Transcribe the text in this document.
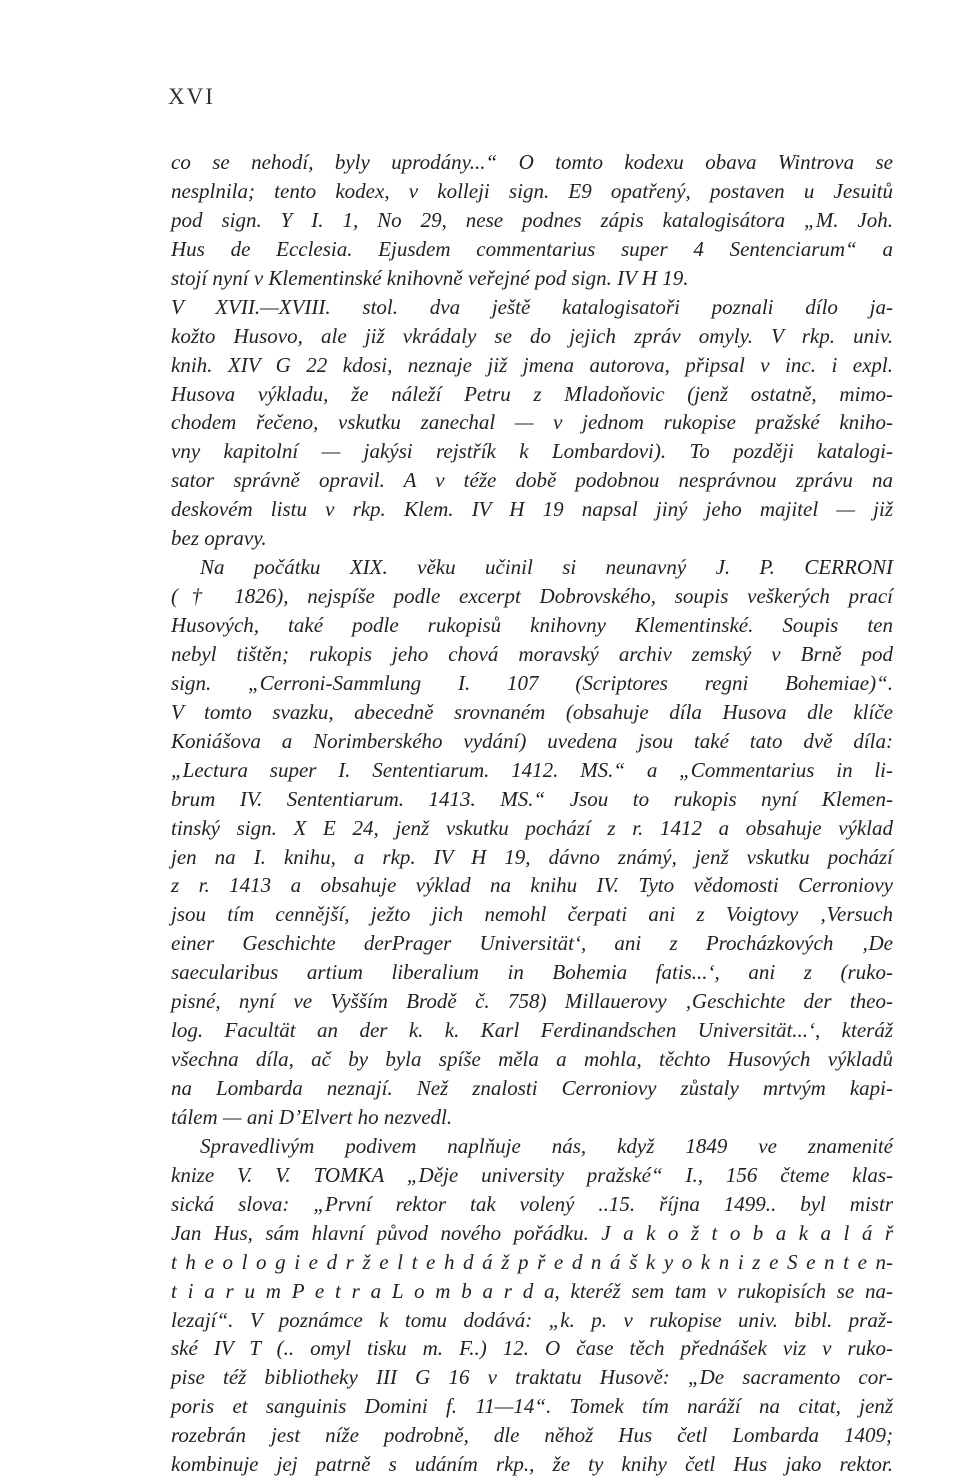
XVI
co se nehodí, byly uprodány...“ O tomto kodexu obava Wintrova se
nesplnila; tento kodex, v kolleji sign. E9 opatřený, postaven u Jesuitů
pod sign. Y I. 1, No 29, nese podnes zápis katalogisátora „M. Joh.
Hus de Ecclesia. Ejusdem commentarius super 4 Sentenciarum“ a
stojí nyní v Klementinské knihovně veřejné pod sign. IV H 19.
V XVII.—XVIII. stol. dva ještě katalogisatoři poznali dílo ja-
kožto Husovo, ale již vkrádaly se do jejich zpráv omyly. V rkp. univ.
knih. XIV G 22 kdosi, neznaje již jmena autorova, připsal v inc. i expl.
Husova výkladu, že náleží Petru z Mladoňovic (jenž ostatně, mimo-
chodem řečeno, vskutku zanechal — v jednom rukopise pražské kniho-
vny kapitolní — jakýsi rejstřík k Lombardovi). To později katalogi-
sator správně opravil. A v téže době podobnou nesprávnou zprávu na
deskovém listu v rkp. Klem. IV H 19 napsal jiný jeho majitel — již
bez opravy.
Na počátku XIX. věku učinil si neunavný J. P. CERRONI
(† 1826), nejspíše podle excerpt Dobrovského, soupis veškerých prací
Husových, také podle rukopisů knihovny Klementinské. Soupis ten
nebyl tištěn; rukopis jeho chová moravský archiv zemský v Brně pod
sign. „Cerroni-Sammlung I. 107 (Scriptores regni Bohemiae)“.
V tomto svazku, abecedně srovnaném (obsahuje díla Husova dle klíče
Koniášova a Norimberského vydání) uvedena jsou také tato dvě díla:
„Lectura super I. Sententiarum. 1412. MS.“ a „Commentarius in li-
brum IV. Sententiarum. 1413. MS.“ Jsou to rukopis nyní Klemen-
tinský sign. X E 24, jenž vskutku pochází z r. 1412 a obsahuje výklad
jen na I. knihu, a rkp. IV H 19, dávno známý, jenž vskutku pochází
z r. 1413 a obsahuje výklad na knihu IV. Tyto vědomosti Cerroniovy
jsou tím cennější, ježto jich nemohl čerpati ani z Voigtovy ‚Versuch
einer Geschichte derPrager Universität‘, ani z Procházkových ‚De
saecularibus artium liberalium in Bohemia fatis...‘, ani z (ruko-
pisné, nyní ve Vyšším Brodě č. 758) Millauerovy ‚Geschichte der theo-
log. Facultät an der k. k. Karl Ferdinandschen Universität...‘, kteráž
všechna díla, ač by byla spíše měla a mohla, těchto Husových výkladů
na Lombarda neznají. Než znalosti Cerroniovy zůstaly mrtvým kapi-
tálem — ani D’Elvert ho nezvedl.
Spravedlivým podivem naplňuje nás, když 1849 ve znamenité
knize V. V. TOMKA „Děje university pražské“ I., 156 čteme klas-
sická slova: „První rektor tak volený ..15. října 1499.. byl mistr
Jan Hus, sám hlavní původ nového pořádku. J a k o ž t o b a k a l á ř
t h e o l o g i e d r ž e l t e h d á ž p ř e d n á š k y o k n i z e S e n t e n-
t i a r u m P e t r a L o m b a r d a, kteréž sem tam v rukopisích se na-
lezají“. V poznámce k tomu dodává: „k. p. v rukopise univ. bibl. praž-
ské IV T (.. omyl tisku m. F..) 12. O čase těch přednášek viz v ruko-
pise též bibliotheky III G 16 v traktatu Husově: „De sacramento cor-
poris et sanguinis Domini f. 11—14“. Tomek tím naráží na citat, jenž
rozebrán jest níže podrobně, dle něhož Hus četl Lombarda 1409;
kombinuje jej patrně s udáním rkp., že ty knihy četl Hus jako rektor.
